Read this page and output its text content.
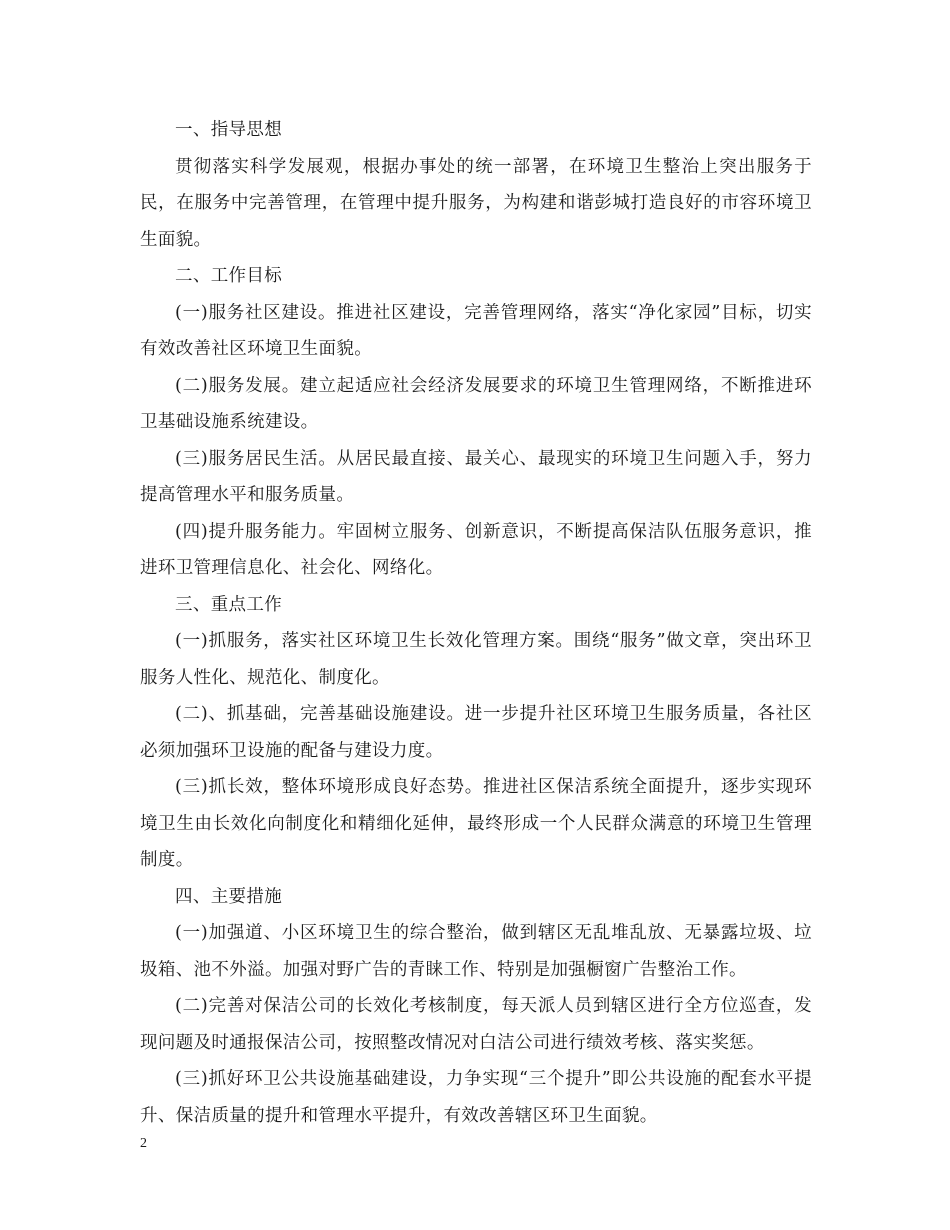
一、指导思想

贯彻落实科学发展观，根据办事处的统一部署，在环境卫生整治上突出服务于民，在服务中完善管理，在管理中提升服务，为构建和谐彭城打造良好的市容环境卫生面貌。

二、工作目标

(一)服务社区建设。推进社区建设，完善管理网络，落实“净化家园”目标，切实有效改善社区环境卫生面貌。

(二)服务发展。建立起适应社会经济发展要求的环境卫生管理网络，不断推进环卫基础设施系统建设。

(三)服务居民生活。从居民最直接、最关心、最现实的环境卫生问题入手，努力提高管理水平和服务质量。

(四)提升服务能力。牢固树立服务、创新意识，不断提高保洁队伍服务意识，推进环卫管理信息化、社会化、网络化。

三、重点工作

(一)抓服务，落实社区环境卫生长效化管理方案。围绕“服务”做文章，突出环卫服务人性化、规范化、制度化。

(二)、抓基础，完善基础设施建设。进一步提升社区环境卫生服务质量，各社区必须加强环卫设施的配备与建设力度。

(三)抓长效，整体环境形成良好态势。推进社区保洁系统全面提升，逐步实现环境卫生由长效化向制度化和精细化延伸，最终形成一个人民群众满意的环境卫生管理制度。

四、主要措施

(一)加强道、小区环境卫生的综合整治，做到辖区无乱堆乱放、无暴露垃圾、垃圾箱、池不外溢。加强对野广告的青睐工作、特别是加强橱窗广告整治工作。

(二)完善对保洁公司的长效化考核制度，每天派人员到辖区进行全方位巡查，发现问题及时通报保洁公司，按照整改情况对白洁公司进行绩效考核、落实奖惩。

(三)抓好环卫公共设施基础建设，力争实现“三个提升”即公共设施的配套水平提升、保洁质量的提升和管理水平提升，有效改善辖区环卫生面貌。

2
